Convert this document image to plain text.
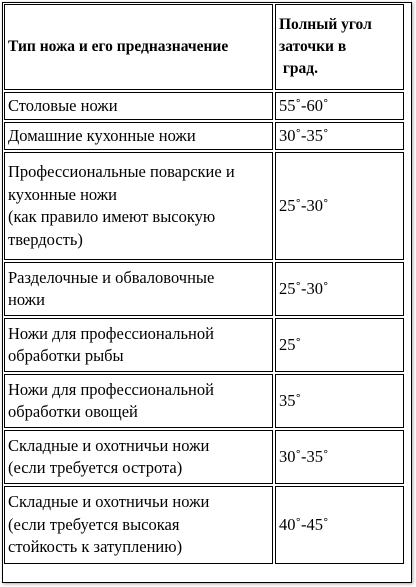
Тип ножа и его предназначение	Полный угол
заточки в
град.

Столовые ножи	55˚-60˚

Домашние кухонные ножи	30˚-35˚

Профессиональные поварские и
кухонные ножи
(как правило имеют высокую
твердость)	25˚-30˚

Разделочные и обваловочные
ножи	25˚-30˚

Ножи для профессиональной
обработки рыбы	25˚

Ножи для профессиональной
обработки овощей	35˚

Складные и охотничьи ножи
(если требуется острота)	30˚-35˚

Складные и охотничьи ножи
(если требуется высокая
стойкость к затуплению)	40˚-45˚
